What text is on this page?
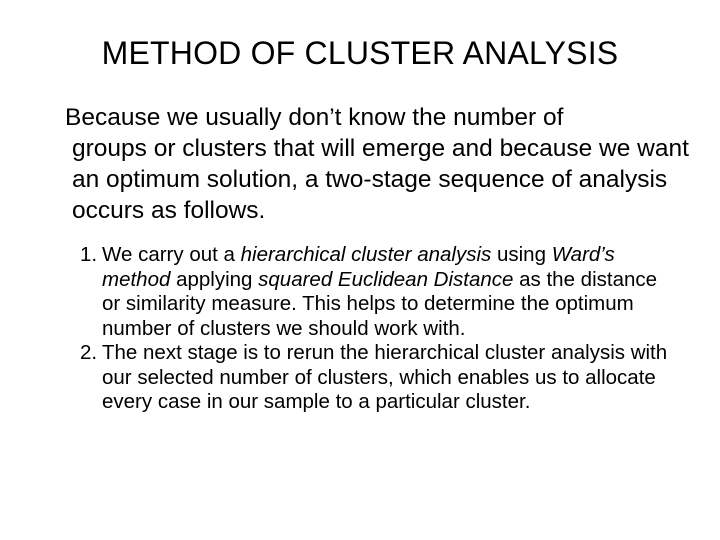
METHOD OF CLUSTER ANALYSIS
Because we usually don’t know the number of
groups or clusters that will emerge and because we want an optimum solution, a two-stage sequence of analysis occurs as follows.
1. We carry out a hierarchical cluster analysis using Ward’s method applying squared Euclidean Distance as the distance or similarity measure. This helps to determine the optimum number of clusters we should work with.
2. The next stage is to rerun the hierarchical cluster analysis with our selected number of clusters, which enables us to allocate every case in our sample to a particular cluster.
